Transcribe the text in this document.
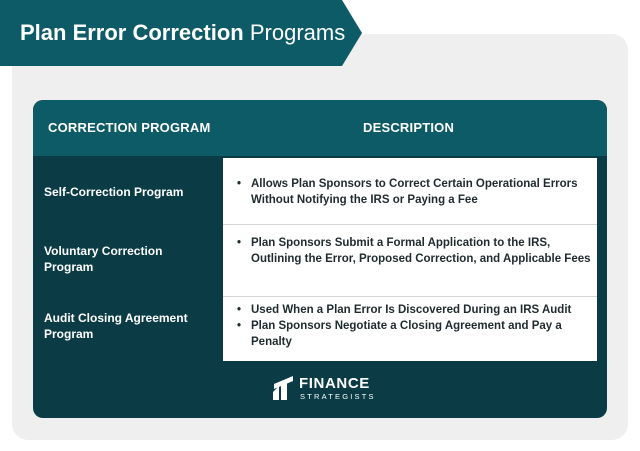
Plan Error Correction Programs
CORRECTION PROGRAM	DESCRIPTION
Self-Correction Program
• Allows Plan Sponsors to Correct Certain Operational Errors Without Notifying the IRS or Paying a Fee
Voluntary Correction Program
• Plan Sponsors Submit a Formal Application to the IRS, Outlining the Error, Proposed Correction, and Applicable Fees
Audit Closing Agreement Program
• Used When a Plan Error Is Discovered During an IRS Audit
• Plan Sponsors Negotiate a Closing Agreement and Pay a Penalty
FINANCE
STRATEGISTS
